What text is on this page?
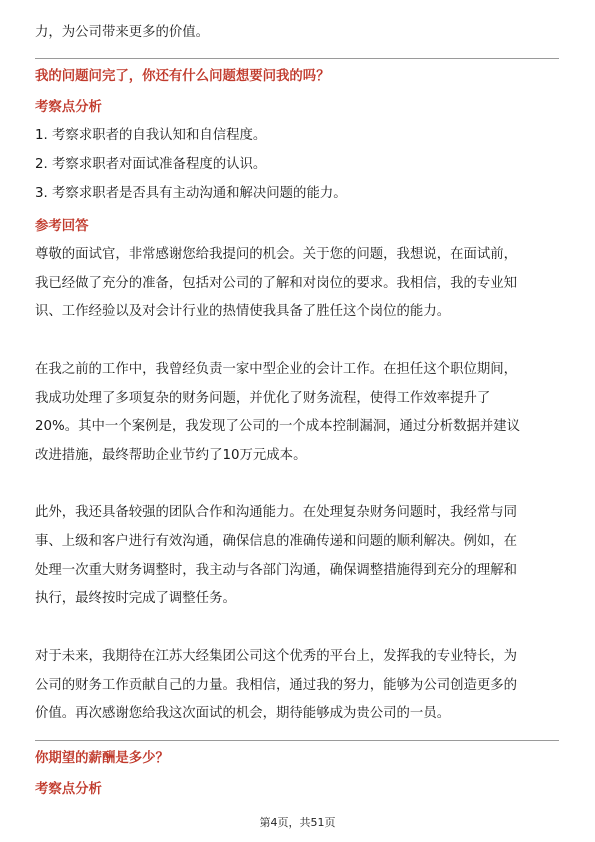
力，为公司带来更多的价值。
我的问题问完了，你还有什么问题想要问我的吗？
考察点分析
1. 考察求职者的自我认知和自信程度。
2. 考察求职者对面试准备程度的认识。
3. 考察求职者是否具有主动沟通和解决问题的能力。
参考回答
尊敬的面试官，非常感谢您给我提问的机会。关于您的问题，我想说，在面试前，
我已经做了充分的准备，包括对公司的了解和对岗位的要求。我相信，我的专业知
识、工作经验以及对会计行业的热情使我具备了胜任这个岗位的能力。
在我之前的工作中，我曾经负责一家中型企业的会计工作。在担任这个职位期间，
我成功处理了多项复杂的财务问题，并优化了财务流程，使得工作效率提升了
20%。其中一个案例是，我发现了公司的一个成本控制漏洞，通过分析数据并建议
改进措施，最终帮助企业节约了10万元成本。
此外，我还具备较强的团队合作和沟通能力。在处理复杂财务问题时，我经常与同
事、上级和客户进行有效沟通，确保信息的准确传递和问题的顺利解决。例如，在
处理一次重大财务调整时，我主动与各部门沟通，确保调整措施得到充分的理解和
执行，最终按时完成了调整任务。
对于未来，我期待在江苏大经集团公司这个优秀的平台上，发挥我的专业特长，为
公司的财务工作贡献自己的力量。我相信，通过我的努力，能够为公司创造更多的
价值。再次感谢您给我这次面试的机会，期待能够成为贵公司的一员。
你期望的薪酬是多少？
考察点分析
第4页，共51页
